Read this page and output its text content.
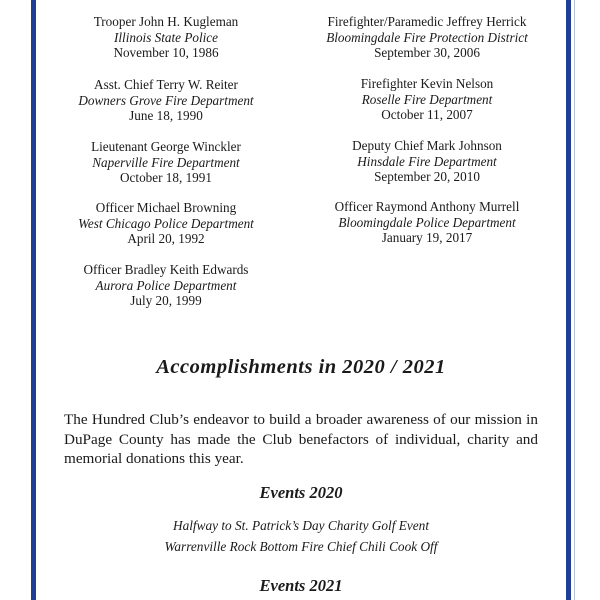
Trooper John H. Kugleman
Illinois State Police
November 10, 1986
Asst. Chief Terry W. Reiter
Downers Grove Fire Department
June 18, 1990
Lieutenant George Winckler
Naperville Fire Department
October 18, 1991
Officer Michael Browning
West Chicago Police Department
April 20, 1992
Officer Bradley Keith Edwards
Aurora Police Department
July 20, 1999
Firefighter/Paramedic Jeffrey Herrick
Bloomingdale Fire Protection District
September 30, 2006
Firefighter Kevin Nelson
Roselle Fire Department
October 11, 2007
Deputy Chief Mark Johnson
Hinsdale Fire Department
September 20, 2010
Officer Raymond Anthony Murrell
Bloomingdale Police Department
January 19, 2017
Accomplishments in 2020 / 2021

The Hundred Club’s endeavor to build a broader awareness of our mission in DuPage County has made the Club benefactors of individual, charity and memorial donations this year.

Events 2020

Halfway to St. Patrick’s Day Charity Golf Event

Warrenville Rock Bottom Fire Chief Chili Cook Off

Events 2021
